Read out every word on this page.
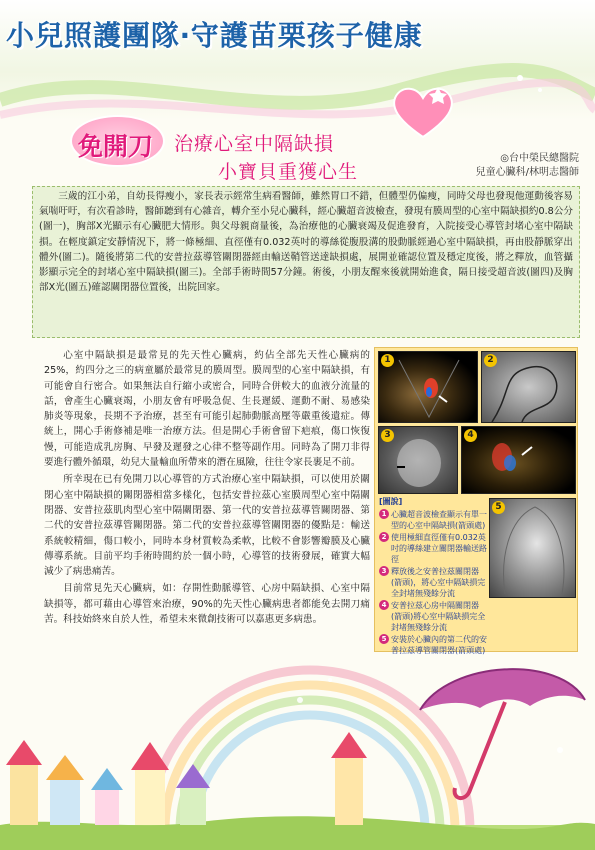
小兒照護團隊‧守護苗栗孩子健康
免開刀 治療心室中隔缺損
小寶貝重獲心生
◎台中榮民總醫院
兒童心臟科/林明志醫師
三歲的江小弟，自幼長得瘦小，家長表示經常生病看醫師，雖然胃口不錯，但體型仍偏瘦，同時父母也發現他運動後容易氣喘吁吁，有次看診時，醫師聽到有心雜音，轉介至小兒心臟科，經心臟超音波檢查，發現有膜周型的心室中隔缺損約0.8公分(圖一)，胸部X光顯示有心臟肥大情形。與父母親商量後，為治療他的心臟衰竭及促進發育，入院接受心導管封堵心室中隔缺損。在輕度鎮定安靜情況下，將一條極細、直徑僅有0.032英吋的導絲從腹股溝的股動脈經過心室中隔缺損，再由股靜脈穿出體外(圖二)。隨後將第二代的安普拉茲導管關閉器經由輸送鞘管送達缺損處，展開並確認位置及穩定度後，將之釋放，血管攝影顯示完全的封堵心室中隔缺損(圖三)。全部手術時間57分鐘。術後，小朋友醒來後就開始進食，隔日接受超音波(圖四)及胸部X光(圖五)確認關閉器位置後，出院回家。

心室中隔缺損是最常見的先天性心臟病，約佔全部先天性心臟病的25%，約四分之三的病童屬於最常見的膜周型。膜周型的心室中隔缺損，有可能會自行密合。如果無法自行縮小或密合，同時合併較大的血液分流量的話，會產生心臟衰竭，小朋友會有呼吸急促、生長遲緩、運動不耐、易感染肺炎等現象，長期不予治療，甚至有可能引起肺動脈高壓等嚴重後遺症。傳統上，開心手術修補是唯一治療方法。但是開心手術會留下疤痕，傷口恢復慢，可能造成乳房胸、早發及遲發之心律不整等副作用。同時為了開刀非得要進行體外循環，幼兒大量輸血所帶來的潛在風險，往往令家長裹足不前。

所幸現在已有免開刀以心導管的方式治療心室中隔缺損，可以使用於關閉心室中隔缺損的關閉器相當多樣化，包括安普拉茲心室膜周型心室中隔關閉器、安普拉茲肌肉型心室中隔關閉器、第一代的安普拉茲導管關閉器、第二代的安普拉茲導管關閉器。第二代的安普拉茲導管關閉器的優點是：輸送系統較精細，傷口較小，同時本身材質較為柔軟，比較不會影響瓣膜及心臟傳導系統。目前平均手術時間約於一個小時，心導管的技術發展，確實大幅減少了病患痛苦。

目前常見先天心臟病，如：存開性動脈導管、心房中隔缺損、心室中隔缺損等，都可藉由心導管來治療，90%的先天性心臟病患者都能免去開刀痛苦。科技始終來自於人性，希望未來微創技術可以嘉惠更多病患。

1	2
3	4
5
[圖說]
1 心臟超音波檢查顯示有單一型的心室中隔缺損(箭頭處)
2 使用極細直徑僅有0.032英吋的導絲建立關閉器輸送路徑
3 釋放後之安普拉茲關閉器(箭頭)，將心室中隔缺損完全封堵無殘餘分流
4 安普拉茲心房中隔關閉器(箭頭)將心室中隔缺損完全封堵無殘餘分流
5 安裝於心臟內的第二代的安普拉茲導管關閉器(箭頭處)
